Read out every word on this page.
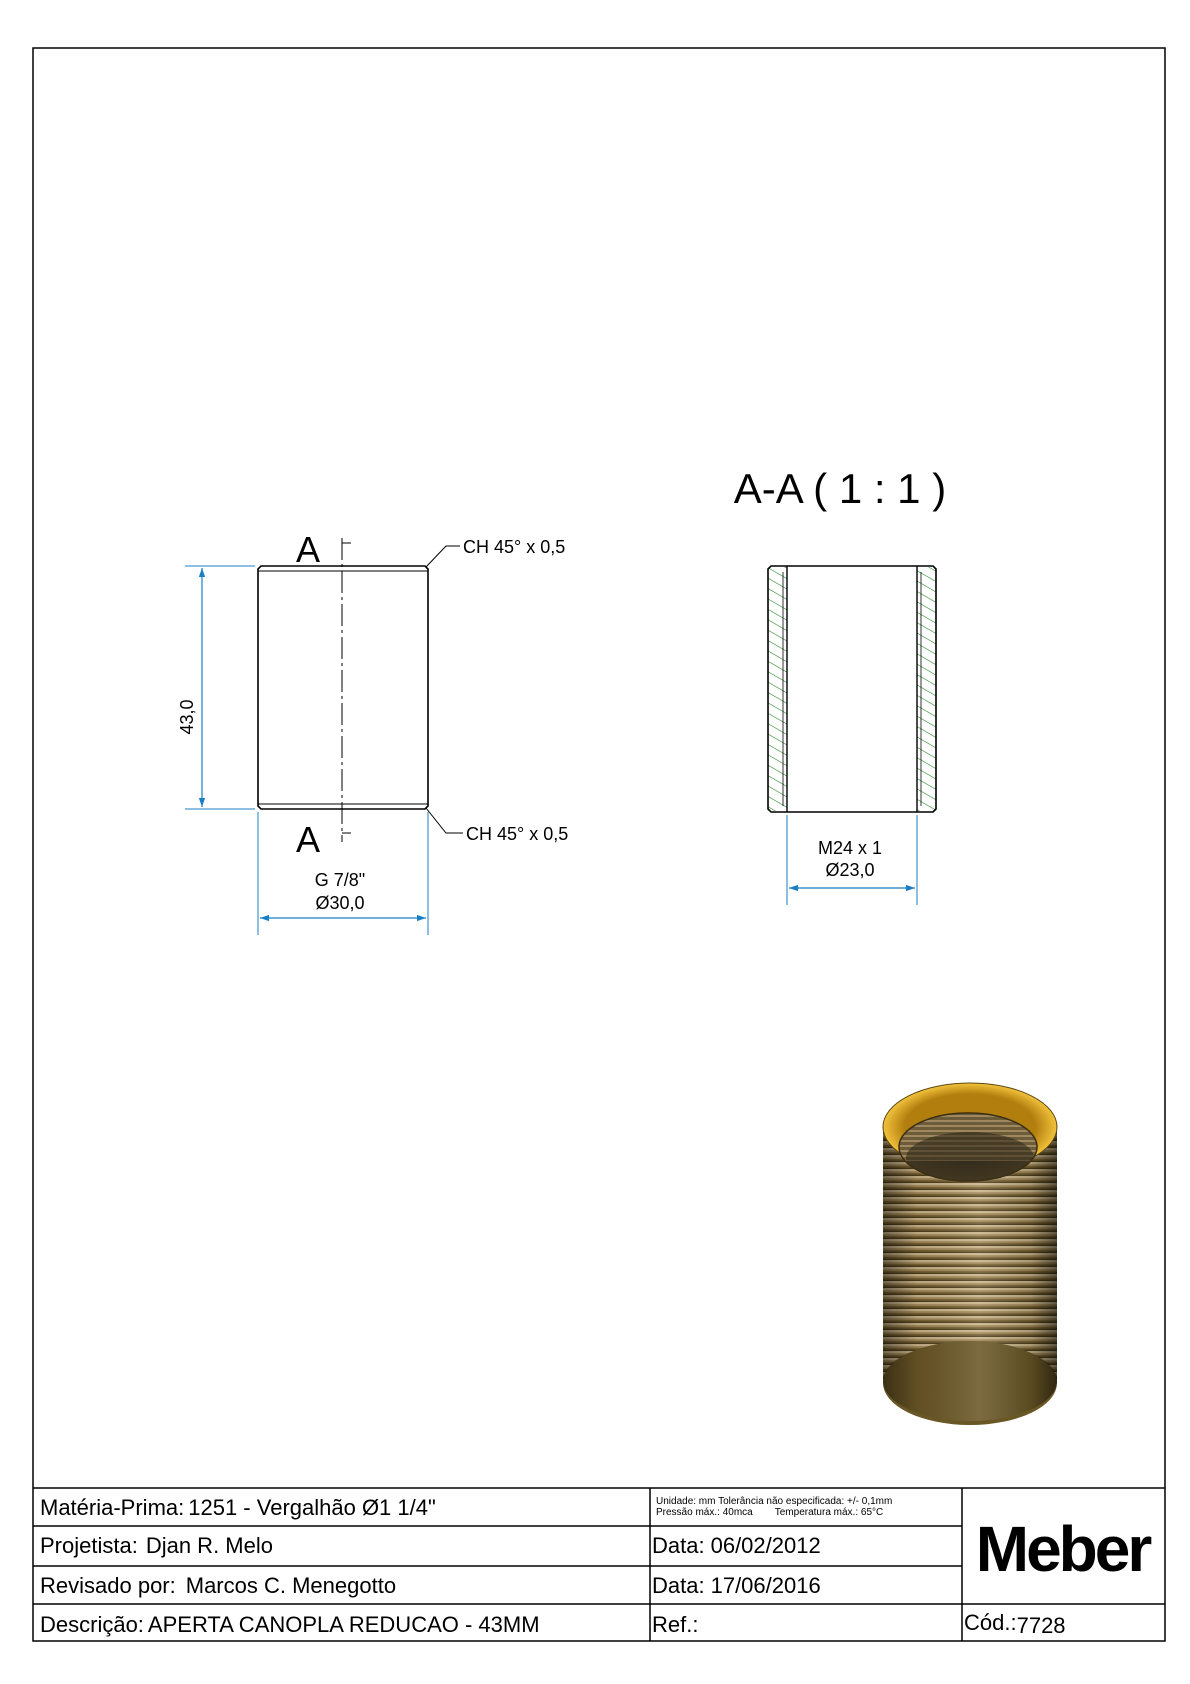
A
A
CH 45° x 0,5
CH 45° x 0,5
43,0
G 7/8"
Ø30,0
A-A ( 1 : 1 )
M24 x 1
Ø23,0
Matéria-Prima: 1251 - Vergalhão Ø1 1/4"
Projetista: Djan R. Melo
Revisado por: Marcos C. Menegotto
Descrição: APERTA CANOPLA REDUCAO - 43MM
Unidade: mm Tolerância não especificada: +/- 0,1mm
Pressão máx.: 40mca        Temperatura máx.: 65°C
Data: 06/02/2012
Data: 17/06/2016
Ref.:
Meber
Cód.:7728
